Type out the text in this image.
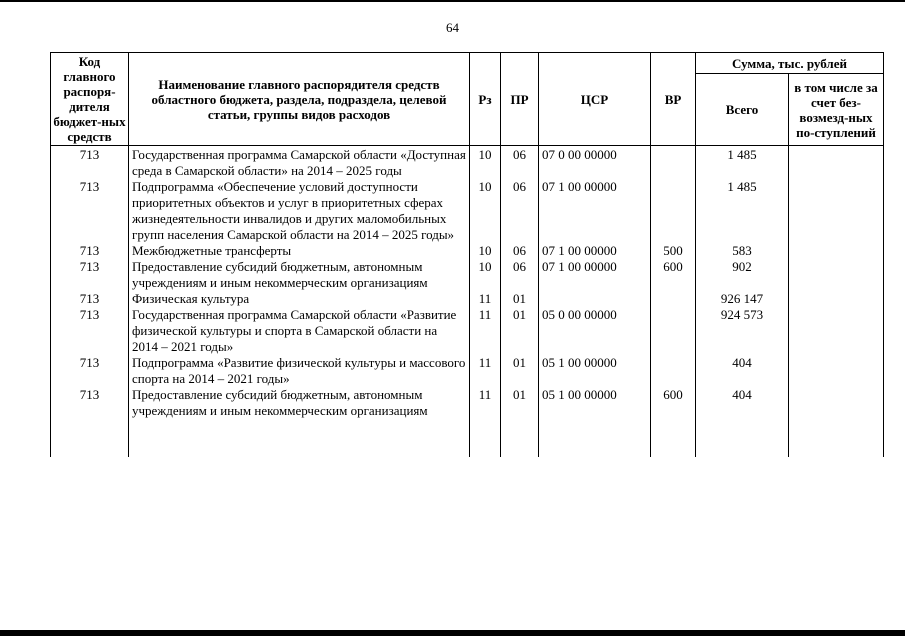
64
Код главного распоря-дителя бюджет-ных средств	Наименование главного распорядителя средств областного бюджета, раздела, подраздела, целевой статьи, группы видов расходов	Рз	ПР	ЦСР	ВР	Сумма, тыс. рублей	
						Всего	в том числе за счет без-возмезд-ных по-ступлений
713	Государственная программа Самарской области «Доступная среда в Самарской области» на 2014 – 2025 годы	10	06	07 0 00 00000		1 485	
713	Подпрограмма «Обеспечение условий доступности приоритетных объектов и услуг в приоритетных сферах жизнедеятельности инвалидов и других маломобильных групп населения Самарской области на 2014 – 2025 годы»	10	06	07 1 00 00000		1 485	
713	Межбюджетные трансферты	10	06	07 1 00 00000	500	583	
713	Предоставление субсидий бюджетным, автономным учреждениям и иным некоммерческим организациям	10	06	07 1 00 00000	600	902	
713	Физическая культура	11	01			926 147	
713	Государственная программа Самарской области «Развитие физической культуры и спорта в Самарской области на 2014 – 2021 годы»	11	01	05 0 00 00000		924 573	
713	Подпрограмма «Развитие физической культуры и массового спорта на 2014 – 2021 годы»	11	01	05 1 00 00000		404	
713	Предоставление субсидий бюджетным, автономным учреждениям и иным некоммерческим организациям	11	01	05 1 00 00000	600	404	
